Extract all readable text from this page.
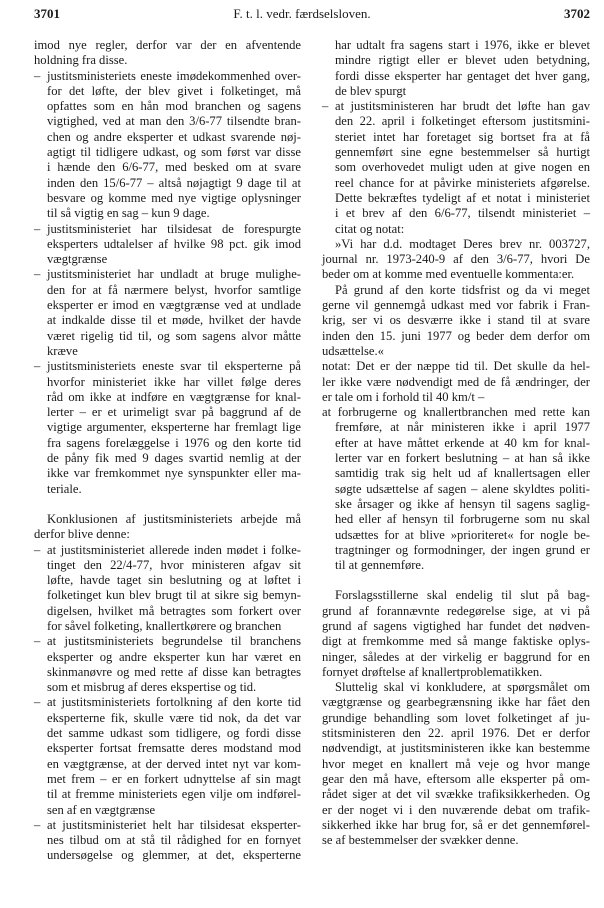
3701	F. t. l. vedr. færdselsloven.	3702
imod nye regler, derfor var der en afventende
holdning fra disse.
– justitsministeriets eneste imødekommenhed over-
for det løfte, der blev givet i folketinget, må
opfattes som en hån mod branchen og sagens
vigtighed, ved at man den 3/6-77 tilsendte bran-
chen og andre eksperter et udkast svarende nøj-
agtigt til tidligere udkast, og som først var disse
i hænde den 6/6-77, med besked om at svare
inden den 15/6-77 – altså nøjagtigt 9 dage til at
besvare og komme med nye vigtige oplysninger
til så vigtig en sag – kun 9 dage.
– justitsministeriet har tilsidesat de forespurgte
eksperters udtalelser af hvilke 98 pct. gik imod
vægtgrænse
– justitsministeriet har undladt at bruge mulighe-
den for at få nærmere belyst, hvorfor samtlige
eksperter er imod en vægtgrænse ved at undlade
at indkalde disse til et møde, hvilket der havde
været rigelig tid til, og som sagens alvor måtte
kræve
– justitsministeriets eneste svar til eksperterne på
hvorfor ministeriet ikke har villet følge deres
råd om ikke at indføre en vægtgrænse for knal-
lerter – er et urimeligt svar på baggrund af de
vigtige argumenter, eksperterne har fremlagt lige
fra sagens forelæggelse i 1976 og den korte tid
de påny fik med 9 dages svartid nemlig at der
ikke var fremkommet nye synspunkter eller ma-
teriale.
Konklusionen af justitsministeriets arbejde må
derfor blive denne:
– at justitsministeriet allerede inden mødet i folke-
tinget den 22/4-77, hvor ministeren afgav sit
løfte, havde taget sin beslutning og at løftet i
folketinget kun blev brugt til at sikre sig bemyn-
digelsen, hvilket må betragtes som forkert over
for såvel folketing, knallertkørere og branchen
– at justitsministeriets begrundelse til branchens
eksperter og andre eksperter kun har været en
skinmanøvre og med rette af disse kan betragtes
som et misbrug af deres ekspertise og tid.
– at justitsministeriets fortolkning af den korte tid
eksperterne fik, skulle være tid nok, da det var
det samme udkast som tidligere, og fordi disse
eksperter fortsat fremsatte deres modstand mod
en vægtgrænse, at der derved intet nyt var kom-
met frem – er en forkert udnyttelse af sin magt
til at fremme ministeriets egen vilje om indførel-
sen af en vægtgrænse
– at justitsministeriet helt har tilsidesat eksperter-
nes tilbud om at stå til rådighed for en fornyet
undersøgelse og glemmer, at det, eksperterne
har udtalt fra sagens start i 1976, ikke er blevet
mindre rigtigt eller er blevet uden betydning,
fordi disse eksperter har gentaget det hver gang,
de blev spurgt
– at justitsministeren har brudt det løfte han gav
den 22. april i folketinget eftersom justitsmini-
steriet intet har foretaget sig bortset fra at få
gennemført sine egne bestemmelser så hurtigt
som overhovedet muligt uden at give nogen en
reel chance for at påvirke ministeriets afgørelse.
Dette bekræftes tydeligt af et notat i ministeriet
i et brev af den 6/6-77, tilsendt ministeriet –
citat og notat:
»Vi har d.d. modtaget Deres brev nr. 003727,
journal nr. 1973-240-9 af den 3/6-77, hvori De
beder om at komme med eventuelle kommenta:er.
På grund af den korte tidsfrist og da vi meget
gerne vil gennemgå udkast med vor fabrik i Fran-
krig, ser vi os desværre ikke i stand til at svare
inden den 15. juni 1977 og beder dem derfor om
udsættelse.«
notat: Det er der næppe tid til. Det skulle da hel-
ler ikke være nødvendigt med de få ændringer, der
er tale om i forhold til 40 km/t –
at forbrugerne og knallertbranchen med rette kan
fremføre, at når ministeren ikke i april 1977
efter at have måttet erkende at 40 km for knal-
lerter var en forkert beslutning – at han så ikke
samtidig trak sig helt ud af knallertsagen eller
søgte udsættelse af sagen – alene skyldtes politi-
ske årsager og ikke af hensyn til sagens saglig-
hed eller af hensyn til forbrugerne som nu skal
udsættes for at blive »prioriteret« for nogle be-
tragtninger og formodninger, der ingen grund er
til at gennemføre.
Forslagsstillerne skal endelig til slut på bag-
grund af forannævnte redegørelse sige, at vi på
grund af sagens vigtighed har fundet det nødven-
digt at fremkomme med så mange faktiske oplys-
ninger, således at der virkelig er baggrund for en
fornyet drøftelse af knallertproblematikken.
Sluttelig skal vi konkludere, at spørgsmålet om
vægtgrænse og gearbegrænsning ikke har fået den
grundige behandling som lovet folketinget af ju-
stitsministeren den 22. april 1976. Det er derfor
nødvendigt, at justitsministeren ikke kan bestemme
hvor meget en knallert må veje og hvor mange
gear den må have, eftersom alle eksperter på om-
rådet siger at det vil svække trafiksikkerheden. Og
er der noget vi i den nuværende debat om trafik-
sikkerhed ikke har brug for, så er det gennemførel-
se af bestemmelser der svækker denne.
